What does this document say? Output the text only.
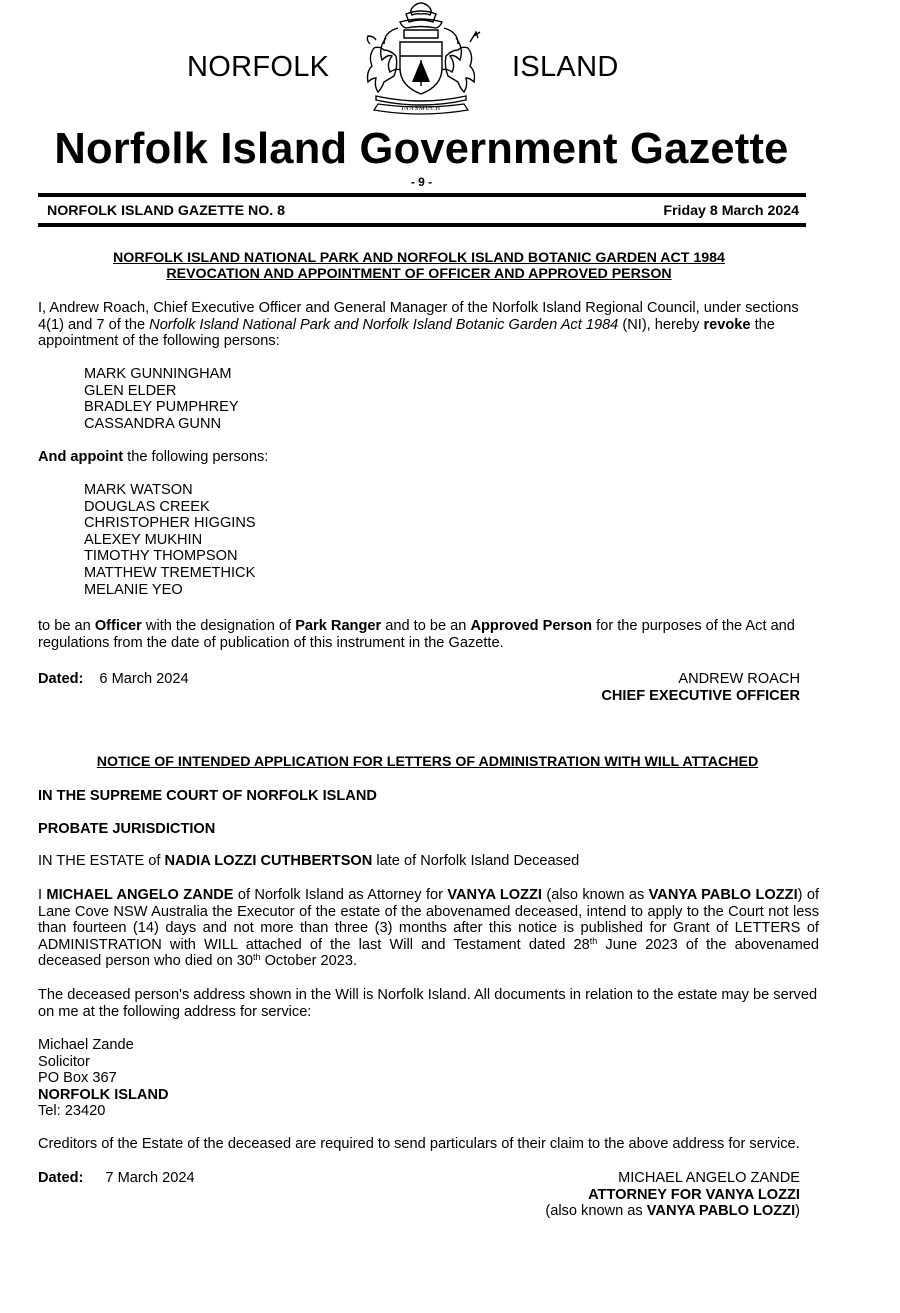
NORFOLK	ISLAND
INASMUCH
Norfolk Island Government Gazette
- 9 -
NORFOLK ISLAND GAZETTE NO. 8	Friday 8 March 2024
NORFOLK ISLAND NATIONAL PARK AND NORFOLK ISLAND BOTANIC GARDEN ACT 1984
REVOCATION AND APPOINTMENT OF OFFICER AND APPROVED PERSON
I, Andrew Roach, Chief Executive Officer and General Manager of the Norfolk Island Regional Council, under sections 4(1) and 7 of the Norfolk Island National Park and Norfolk Island Botanic Garden Act 1984 (NI), hereby revoke the appointment of the following persons:
MARK GUNNINGHAM
GLEN ELDER
BRADLEY PUMPHREY
CASSANDRA GUNN
And appoint the following persons:
MARK WATSON
DOUGLAS CREEK
CHRISTOPHER HIGGINS
ALEXEY MUKHIN
TIMOTHY THOMPSON
MATTHEW TREMETHICK
MELANIE YEO
to be an Officer with the designation of Park Ranger and to be an Approved Person for the purposes of the Act and regulations from the date of publication of this instrument in the Gazette.
Dated: 6 March 2024	ANDREW ROACH
CHIEF EXECUTIVE OFFICER
NOTICE OF INTENDED APPLICATION FOR LETTERS OF ADMINISTRATION WITH WILL ATTACHED
IN THE SUPREME COURT OF NORFOLK ISLAND
PROBATE JURISDICTION
IN THE ESTATE of NADIA LOZZI CUTHBERTSON late of Norfolk Island Deceased
I MICHAEL ANGELO ZANDE of Norfolk Island as Attorney for VANYA LOZZI (also known as VANYA PABLO LOZZI) of Lane Cove NSW Australia the Executor of the estate of the abovenamed deceased, intend to apply to the Court not less than fourteen (14) days and not more than three (3) months after this notice is published for Grant of LETTERS of ADMINISTRATION with WILL attached of the last Will and Testament dated 28th June 2023 of the abovenamed deceased person who died on 30th October 2023.
The deceased person's address shown in the Will is Norfolk Island. All documents in relation to the estate may be served on me at the following address for service:
Michael Zande
Solicitor
PO Box 367
NORFOLK ISLAND
Tel: 23420
Creditors of the Estate of the deceased are required to send particulars of their claim to the above address for service.
Dated: 7 March 2024	MICHAEL ANGELO ZANDE
ATTORNEY FOR VANYA LOZZI
(also known as VANYA PABLO LOZZI)
